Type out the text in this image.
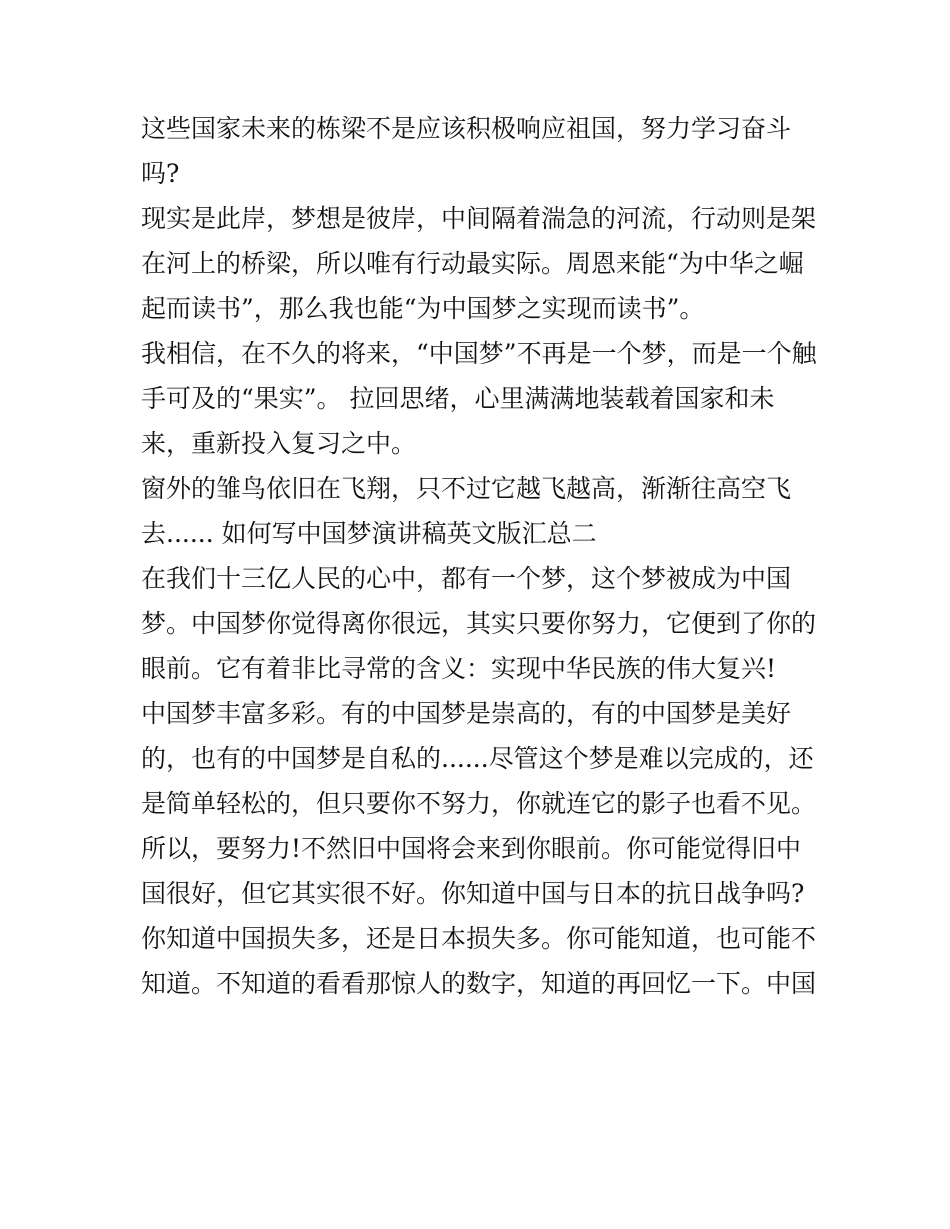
这些国家未来的栋梁不是应该积极响应祖国，努力学习奋斗
吗?
现实是此岸，梦想是彼岸，中间隔着湍急的河流，行动则是架
在河上的桥梁，所以唯有行动最实际。周恩来能“为中华之崛
起而读书”，那么我也能“为中国梦之实现而读书”。
我相信，在不久的将来，“中国梦”不再是一个梦，而是一个触
手可及的“果实”。 拉回思绪，心里满满地装载着国家和未
来，重新投入复习之中。
窗外的雏鸟依旧在飞翔，只不过它越飞越高，渐渐往高空飞
去...... 如何写中国梦演讲稿英文版汇总二
在我们十三亿人民的心中，都有一个梦，这个梦被成为中国
梦。中国梦你觉得离你很远，其实只要你努力，它便到了你的
眼前。它有着非比寻常的含义：实现中华民族的伟大复兴!
中国梦丰富多彩。有的中国梦是崇高的，有的中国梦是美好
的，也有的中国梦是自私的......尽管这个梦是难以完成的，还
是简单轻松的，但只要你不努力，你就连它的影子也看不见。
所以，要努力!不然旧中国将会来到你眼前。你可能觉得旧中
国很好，但它其实很不好。你知道中国与日本的抗日战争吗?
你知道中国损失多，还是日本损失多。你可能知道，也可能不
知道。不知道的看看那惊人的数字，知道的再回忆一下。中国
